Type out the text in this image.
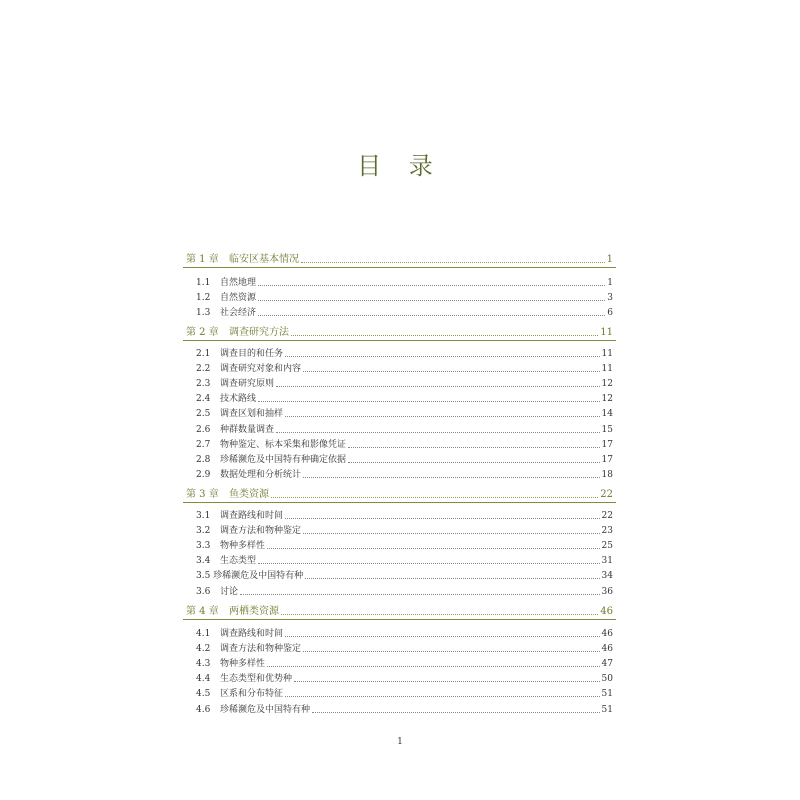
目 录
第 1 章	临安区基本情况	1
1.1	自然地理	1
1.2	自然资源	3
1.3	社会经济	6
第 2 章	调查研究方法	11
2.1	调查目的和任务	11
2.2	调查研究对象和内容	11
2.3	调查研究原则	12
2.4	技术路线	12
2.5	调查区划和抽样	14
2.6	种群数量调查	15
2.7	物种鉴定、标本采集和影像凭证	17
2.8	珍稀濒危及中国特有种确定依据	17
2.9	数据处理和分析统计	18
第 3 章	鱼类资源	22
3.1	调查路线和时间	22
3.2	调查方法和物种鉴定	23
3.3	物种多样性	25
3.4	生态类型	31
3.5 珍稀濒危及中国特有种	34
3.6	讨论	36
第 4 章	两栖类资源	46
4.1	调查路线和时间	46
4.2	调查方法和物种鉴定	46
4.3	物种多样性	47
4.4	生态类型和优势种	50
4.5	区系和分布特征	51
4.6	珍稀濒危及中国特有种	51
1
